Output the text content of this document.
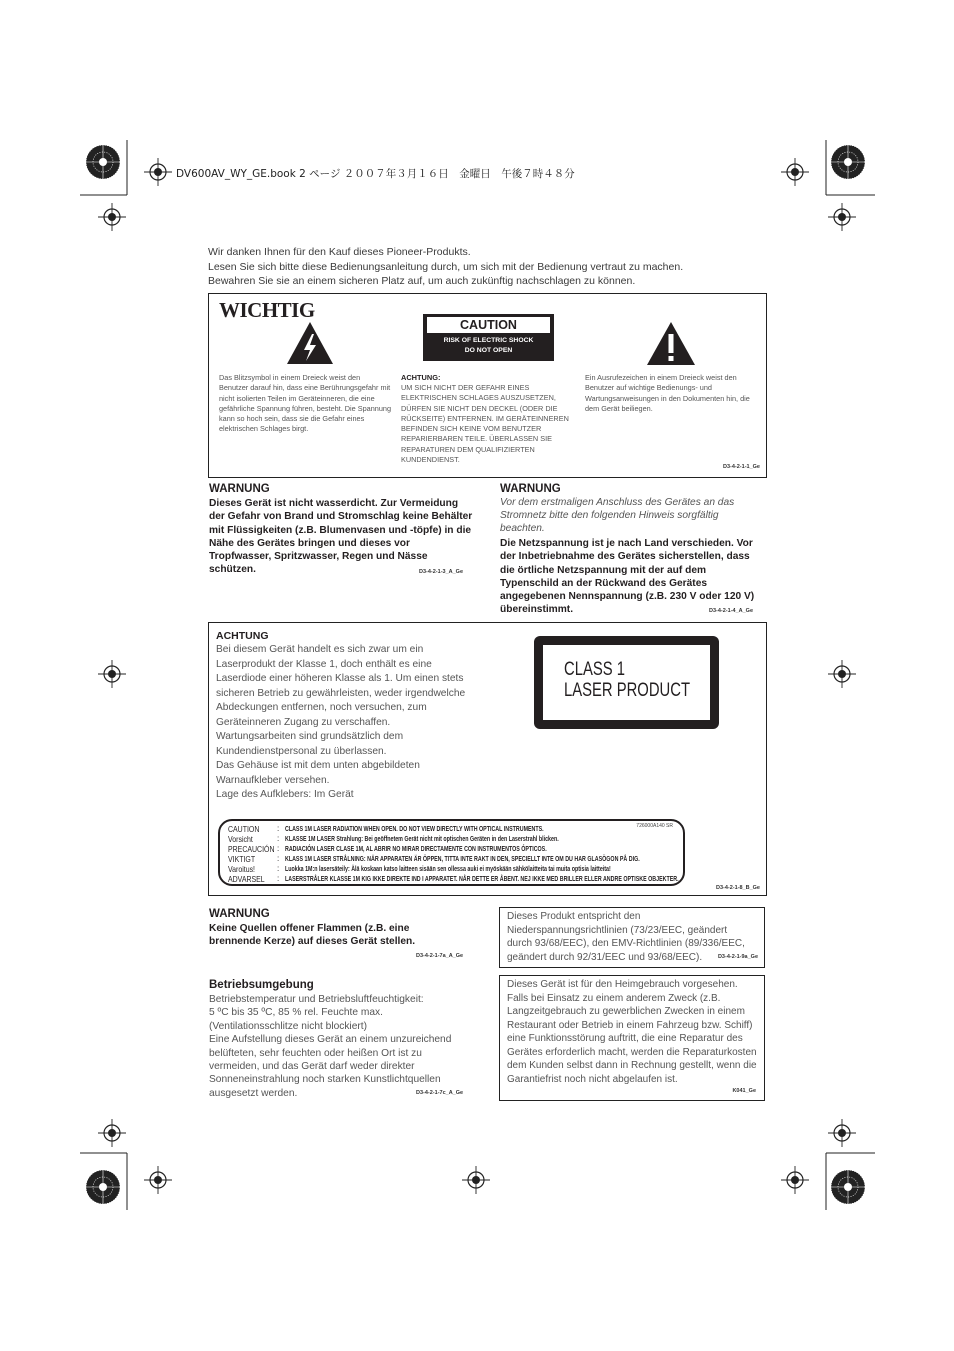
DV600AV_WY_GE.book 2 ページ ２００７年３月１６日　金曜日　午後７時４８分
Wir danken Ihnen für den Kauf dieses Pioneer-Produkts.
Lesen Sie sich bitte diese Bedienungsanleitung durch, um sich mit der Bedienung vertraut zu machen.
Bewahren Sie sie an einem sicheren Platz auf, um auch zukünftig nachschlagen zu können.
WICHTIG
CAUTION
RISK OF ELECTRIC SHOCK
DO NOT OPEN
Das Blitzsymbol in einem Dreieck weist den Benutzer darauf hin, dass eine Berührungsgefahr mit nicht isolierten Teilen im Geräteinneren, die eine gefährliche Spannung führen, besteht. Die Spannung kann so hoch sein, dass sie die Gefahr eines elektrischen Schlages birgt.
ACHTUNG:
UM SICH NICHT DER GEFAHR EINES ELEKTRISCHEN SCHLAGES AUSZUSETZEN, DÜRFEN SIE NICHT DEN DECKEL (ODER DIE RÜCKSEITE) ENTFERNEN. IM GERÄTEINNEREN BEFINDEN SICH KEINE VOM BENUTZER REPARIERBAREN TEILE. ÜBERLASSEN SIE REPARATUREN DEM QUALIFIZIERTEN KUNDENDIENST.
Ein Ausrufezeichen in einem Dreieck weist den Benutzer auf wichtige Bedienungs- und Wartungsanweisungen in den Dokumenten hin, die dem Gerät beiliegen.
D3-4-2-1-1_Ge
WARNUNG
Dieses Gerät ist nicht wasserdicht. Zur Vermeidung der Gefahr von Brand und Stromschlag keine Behälter mit Flüssigkeiten (z.B. Blumenvasen und -töpfe) in die Nähe des Gerätes bringen und dieses vor Tropfwasser, Spritzwasser, Regen und Nässe schützen.	D3-4-2-1-3_A_Ge
WARNUNG
Vor dem erstmaligen Anschluss des Gerätes an das Stromnetz bitte den folgenden Hinweis sorgfältig beachten.
Die Netzspannung ist je nach Land verschieden. Vor der Inbetriebnahme des Gerätes sicherstellen, dass die örtliche Netzspannung mit der auf dem Typenschild an der Rückwand des Gerätes angegebenen Nennspannung (z.B. 230 V oder 120 V) übereinstimmt.	D3-4-2-1-4_A_Ge
ACHTUNG
Bei diesem Gerät handelt es sich zwar um ein Laserprodukt der Klasse 1, doch enthält es eine Laserdiode einer höheren Klasse als 1. Um einen stets sicheren Betrieb zu gewährleisten, weder irgendwelche Abdeckungen entfernen, noch versuchen, zum Geräteinneren Zugang zu verschaffen.
Wartungsarbeiten sind grundsätzlich dem Kundendienstpersonal zu überlassen.
Das Gehäuse ist mit dem unten abgebildeten Warnaufkleber versehen.
Lage des Aufklebers: Im Gerät
CLASS 1
LASER PRODUCT
726000A140 SR
CAUTION : CLASS 1M LASER RADIATION WHEN OPEN. DO NOT VIEW DIRECTLY WITH OPTICAL INSTRUMENTS.
Vorsicht	: KLASSE 1M LASER Strahlung: Bei geöffnetem Gerät nicht mit optischen Geräten in den Laserstrahl blicken.
PRECAUCIÓN : RADIACIÓN LASER CLASE 1M, AL ABRIR NO MIRAR DIRECTAMENTE CON INSTRUMENTOS ÓPTICOS.
VIKTIGT	: KLASS 1M LASER STRÅLNING: NÄR APPARATEN ÄR ÖPPEN, TITTA INTE RAKT IN DEN, SPECIELLT INTE OM DU HAR GLASÖGON PÅ DIG.
Varoitus!	: Luokka 1M:n lasersäteily: Älä koskaan katso laitteen sisään sen ollessa auki ei myöskään sähkölaitteita tai muita optisia laitteita!
ADVARSEL : LASERSTRÅLER KLASSE 1M KIG IKKE DIREKTE IND I APPARATET. NÅR DETTE ER ÅBENT. NEJ IKKE MED BRILLER ELLER ANDRE OPTISKE OBJEKTER.
D3-4-2-1-8_B_Ge
WARNUNG
Keine Quellen offener Flammen (z.B. eine brennende Kerze) auf dieses Gerät stellen.
D3-4-2-1-7a_A_Ge
Betriebsumgebung
Betriebstemperatur und Betriebsluftfeuchtigkeit:
5 ºC bis 35 ºC, 85 % rel. Feuchte max.
(Ventilationsschlitze nicht blockiert)
Eine Aufstellung dieses Gerät an einem unzureichend belüfteten, sehr feuchten oder heißen Ort ist zu vermeiden, und das Gerät darf weder direkter Sonneneinstrahlung noch starken Kunstlichtquellen ausgesetzt werden.	D3-4-2-1-7c_A_Ge
Dieses Produkt entspricht den Niederspannungsrichtlinien (73/23/EEC, geändert durch 93/68/EEC), den EMV-Richtlinien (89/336/EEC, geändert durch 92/31/EEC und 93/68/EEC).	D3-4-2-1-9a_Ge
Dieses Gerät ist für den Heimgebrauch vorgesehen. Falls bei Einsatz zu einem anderem Zweck (z.B. Langzeitgebrauch zu gewerblichen Zwecken in einem Restaurant oder Betrieb in einem Fahrzeug bzw. Schiff) eine Funktionsstörung auftritt, die eine Reparatur des Gerätes erforderlich macht, werden die Reparaturkosten dem Kunden selbst dann in Rechnung gestellt, wenn die Garantiefrist noch nicht abgelaufen ist.
K041_Ge
